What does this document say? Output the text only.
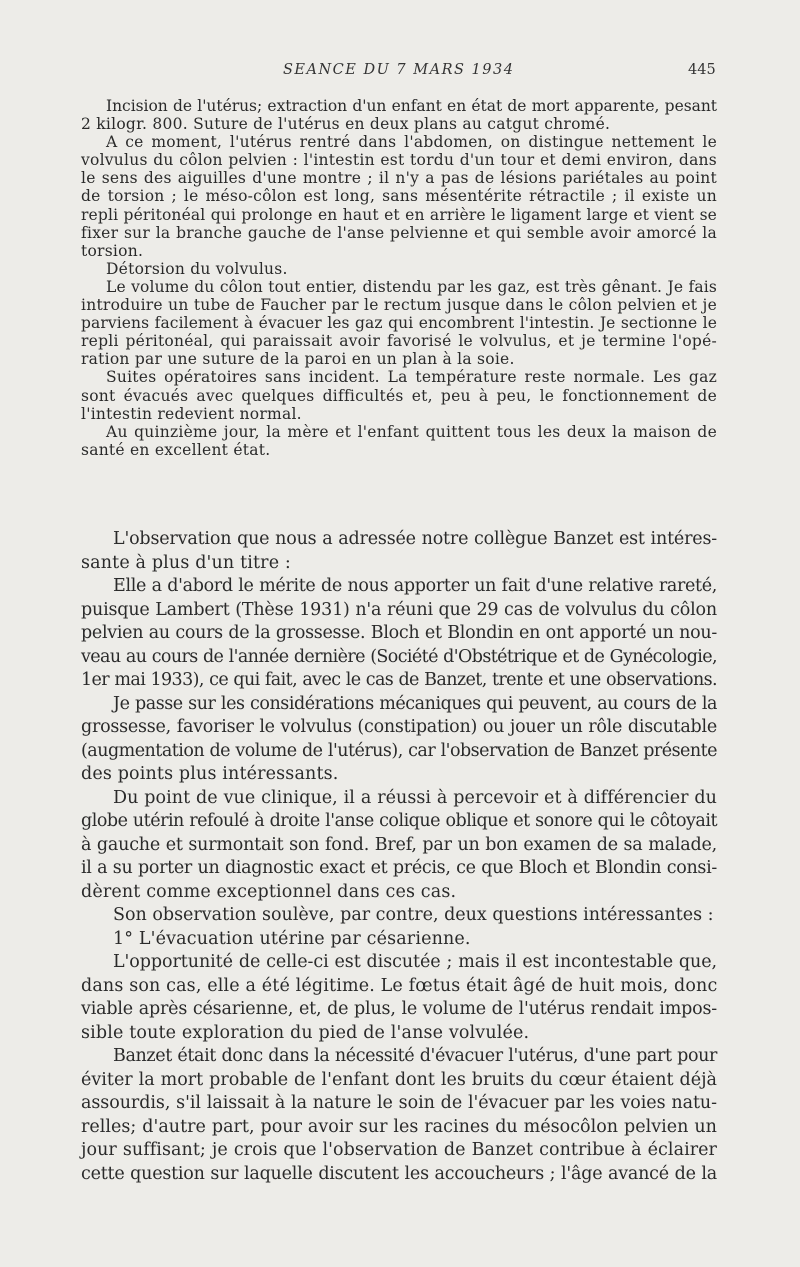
SEANCE DU 7 MARS 1934	445
Incision de l'utérus; extraction d'un enfant en état de mort apparente, pesant
2 kilogr. 800. Suture de l'utérus en deux plans au catgut chromé.
A ce moment, l'utérus rentré dans l'abdomen, on distingue nettement le
volvulus du côlon pelvien : l'intestin est tordu d'un tour et demi environ, dans
le sens des aiguilles d'une montre ; il n'y a pas de lésions pariétales au point
de torsion ; le méso-côlon est long, sans mésentérite rétractile ; il existe un
repli péritonéal qui prolonge en haut et en arrière le ligament large et vient se
fixer sur la branche gauche de l'anse pelvienne et qui semble avoir amorcé la
torsion.
Détorsion du volvulus.
Le volume du côlon tout entier, distendu par les gaz, est très gênant. Je fais
introduire un tube de Faucher par le rectum jusque dans le côlon pelvien et je
parviens facilement à évacuer les gaz qui encombrent l'intestin. Je sectionne le
repli péritonéal, qui paraissait avoir favorisé le volvulus, et je termine l'opé-
ration par une suture de la paroi en un plan à la soie.
Suites opératoires sans incident. La température reste normale. Les gaz
sont évacués avec quelques difficultés et, peu à peu, le fonctionnement de
l'intestin redevient normal.
Au quinzième jour, la mère et l'enfant quittent tous les deux la maison de
santé en excellent état.
L'observation que nous a adressée notre collègue Banzet est intéres-
sante à plus d'un titre :
Elle a d'abord le mérite de nous apporter un fait d'une relative rareté,
puisque Lambert (Thèse 1931) n'a réuni que 29 cas de volvulus du côlon
pelvien au cours de la grossesse. Bloch et Blondin en ont apporté un nou-
veau au cours de l'année dernière (Société d'Obstétrique et de Gynécologie,
1er mai 1933), ce qui fait, avec le cas de Banzet, trente et une observations.
Je passe sur les considérations mécaniques qui peuvent, au cours de la
grossesse, favoriser le volvulus (constipation) ou jouer un rôle discutable
(augmentation de volume de l'utérus), car l'observation de Banzet présente
des points plus intéressants.
Du point de vue clinique, il a réussi à percevoir et à différencier du
globe utérin refoulé à droite l'anse colique oblique et sonore qui le côtoyait
à gauche et surmontait son fond. Bref, par un bon examen de sa malade,
il a su porter un diagnostic exact et précis, ce que Bloch et Blondin consi-
dèrent comme exceptionnel dans ces cas.
Son observation soulève, par contre, deux questions intéressantes :
1° L'évacuation utérine par césarienne.
L'opportunité de celle-ci est discutée ; mais il est incontestable que,
dans son cas, elle a été légitime. Le fœtus était âgé de huit mois, donc
viable après césarienne, et, de plus, le volume de l'utérus rendait impos-
sible toute exploration du pied de l'anse volvulée.
Banzet était donc dans la nécessité d'évacuer l'utérus, d'une part pour
éviter la mort probable de l'enfant dont les bruits du cœur étaient déjà
assourdis, s'il laissait à la nature le soin de l'évacuer par les voies natu-
relles; d'autre part, pour avoir sur les racines du mésocôlon pelvien un
jour suffisant; je crois que l'observation de Banzet contribue à éclairer
cette question sur laquelle discutent les accoucheurs ; l'âge avancé de la
